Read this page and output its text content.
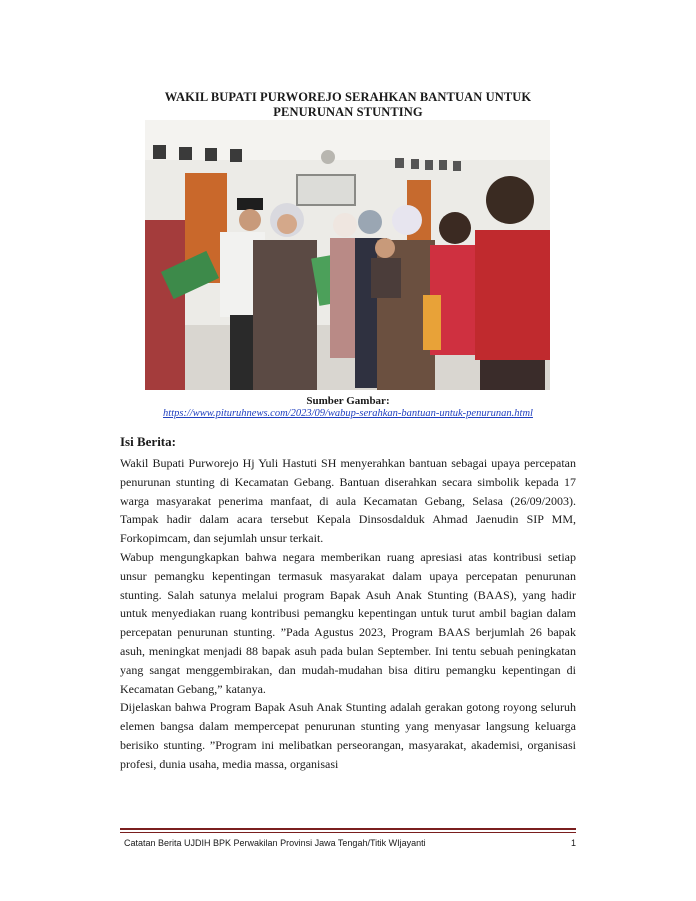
WAKIL BUPATI PURWOREJO SERAHKAN BANTUAN UNTUK
PENURUNAN STUNTING
Sumber Gambar:
https://www.pituruhnews.com/2023/09/wabup-serahkan-bantuan-untuk-penurunan.html
Isi Berita:

Wakil Bupati Purworejo Hj Yuli Hastuti SH menyerahkan bantuan sebagai upaya percepatan penurunan stunting di Kecamatan Gebang. Bantuan diserahkan secara simbolik kepada 17 warga masyarakat penerima manfaat, di aula Kecamatan Gebang, Selasa (26/09/2003). Tampak hadir dalam acara tersebut Kepala Dinsosdalduk Ahmad Jaenudin SIP MM, Forkopimcam, dan sejumlah unsur terkait.

Wabup mengungkapkan bahwa negara memberikan ruang apresiasi atas kontribusi setiap unsur pemangku kepentingan termasuk masyarakat dalam upaya percepatan penurunan stunting. Salah satunya melalui program Bapak Asuh Anak Stunting (BAAS), yang hadir untuk menyediakan ruang kontribusi pemangku kepentingan untuk turut ambil bagian dalam percepatan penurunan stunting. ”Pada Agustus 2023, Program BAAS berjumlah 26 bapak asuh, meningkat menjadi 88 bapak asuh pada bulan September. Ini tentu sebuah peningkatan yang sangat menggembirakan, dan mudah-mudahan bisa ditiru pemangku kepentingan di Kecamatan Gebang,” katanya.

Dijelaskan bahwa Program Bapak Asuh Anak Stunting adalah gerakan gotong royong seluruh elemen bangsa dalam mempercepat penurunan stunting yang menyasar langsung keluarga berisiko stunting. ”Program ini melibatkan perseorangan, masyarakat, akademisi, organisasi profesi, dunia usaha, media massa, organisasi

Catatan Berita UJDIH BPK Perwakilan Provinsi Jawa Tengah/Titik WIjayanti	1
